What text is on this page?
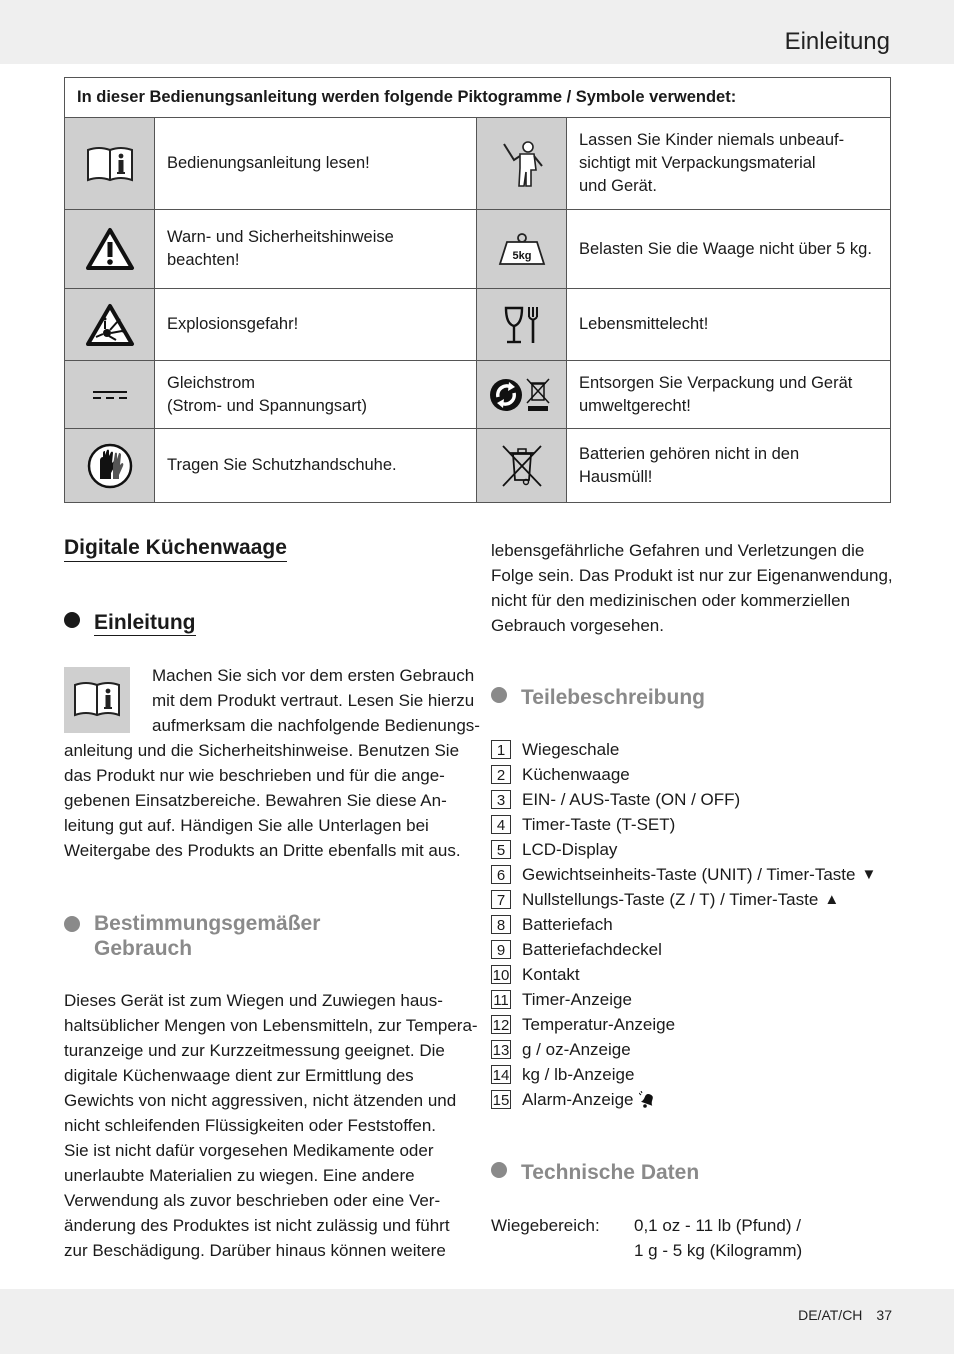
Einleitung
In dieser Bedienungsanleitung werden folgende Piktogramme / Symbole verwendet:			

	Bedienungsanleitung lesen!		Lassen Sie Kinder niemals unbeauf-
sichtigt mit Verpackungsmaterial
und Gerät.

	Warn- und Sicherheitshinweise
beachten!	5kg	Belasten Sie die Waage nicht über 5 kg.

	Explosionsgefahr!		Lebensmittelecht!

	Gleichstrom
(Strom- und Spannungsart)		Entsorgen Sie Verpackung und Gerät
umweltgerecht!

	Tragen Sie Schutzhandschuhe.		Batterien gehören nicht in den
Hausmüll!
Digitale Küchenwaage
Einleitung
Machen Sie sich vor dem ersten Gebrauch
mit dem Produkt vertraut. Lesen Sie hierzu
aufmerksam die nachfolgende Bedienungs-
anleitung und die Sicherheitshinweise. Benutzen Sie
das Produkt nur wie beschrieben und für die ange-
gebenen Einsatzbereiche. Bewahren Sie diese An-
leitung gut auf. Händigen Sie alle Unterlagen bei
Weitergabe des Produkts an Dritte ebenfalls mit aus.
Bestimmungsgemäßer
Gebrauch
Dieses Gerät ist zum Wiegen und Zuwiegen haus-
haltsüblicher Mengen von Lebensmitteln, zur Tempera-
turanzeige und zur Kurzzeitmessung geeignet. Die
digitale Küchenwaage dient zur Ermittlung des
Gewichts von nicht aggressiven, nicht ätzenden und
nicht schleifenden Flüssigkeiten oder Feststoffen.
Sie ist nicht dafür vorgesehen Medikamente oder
unerlaubte Materialien zu wiegen. Eine andere
Verwendung als zuvor beschrieben oder eine Ver-
änderung des Produktes ist nicht zulässig und führt
zur Beschädigung. Darüber hinaus können weitere
lebensgefährliche Gefahren und Verletzungen die
Folge sein. Das Produkt ist nur zur Eigenanwendung,
nicht für den medizinischen oder kommerziellen
Gebrauch vorgesehen.
Teilebeschreibung
1 Wiegeschale
2 Küchenwaage
3 EIN- / AUS-Taste (ON / OFF)
4 Timer-Taste (T-SET)
5 LCD-Display
6 Gewichtseinheits-Taste (UNIT) / Timer-Taste ▼
7 Nullstellungs-Taste (Z / T) / Timer-Taste ▲
8 Batteriefach
9 Batteriefachdeckel
10 Kontakt
11 Timer-Anzeige
12 Temperatur-Anzeige
13 g / oz-Anzeige
14 kg / lb-Anzeige
15 Alarm-Anzeige
Technische Daten
Wiegebereich: 0,1 oz - 11 lb (Pfund) /
1 g - 5 kg (Kilogramm)
DE/AT/CH 37
